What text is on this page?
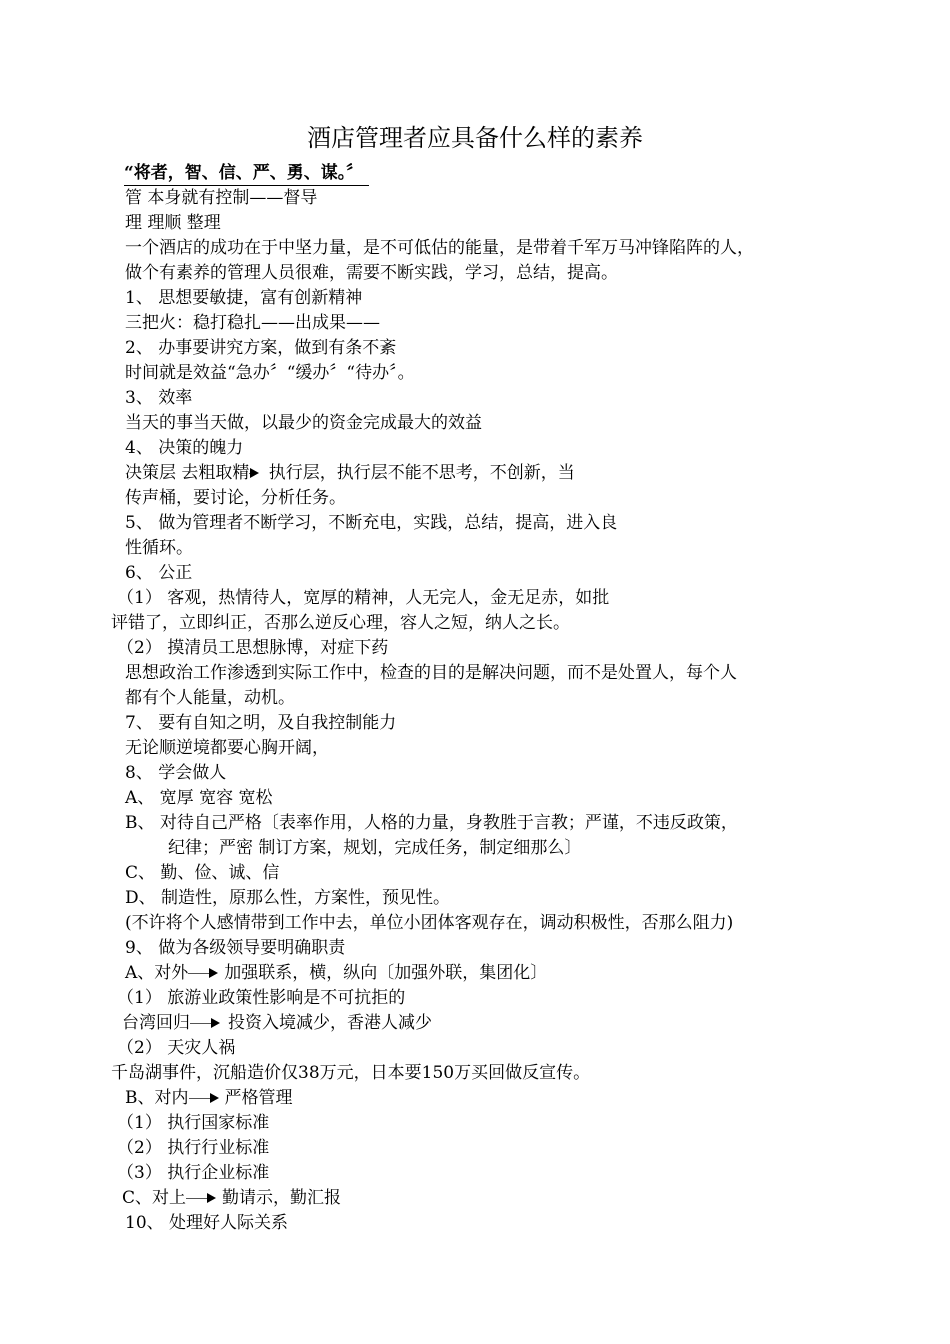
酒店管理者应具备什么样的素养
“将者，智、信、严、勇、谋。〞
管 本身就有控制——督导
理 理顺 整理
一个酒店的成功在于中坚力量，是不可低估的能量，是带着千军万马冲锋陷阵的人，
做个有素养的管理人员很难，需要不断实践，学习，总结，提高。
1、 思想要敏捷，富有创新精神
三把火：稳打稳扎——出成果——
2、 办事要讲究方案，做到有条不紊
时间就是效益“急办〞“缓办〞“待办〞。
3、 效率
当天的事当天做，以最少的资金完成最大的效益
4、 决策的魄力
决策层 去粗取精
执行层，执行层不能不思考，不创新，当
传声桶，要讨论，分析任务。
5、 做为管理者不断学习，不断充电，实践，总结，提高，进入良
性循环。
6、 公正
（1） 客观，热情待人，宽厚的精神，人无完人，金无足赤，如批
评错了，立即纠正，否那么逆反心理，容人之短，纳人之长。
（2） 摸清员工思想脉博，对症下药
思想政治工作渗透到实际工作中，检查的目的是解决问题，而不是处置人，每个人
都有个人能量，动机。
7、 要有自知之明，及自我控制能力
无论顺逆境都要心胸开阔，
8、 学会做人
A、 宽厚 宽容 宽松
B、 对待自己严格〔表率作用，人格的力量，身教胜于言教；严谨，不违反政策，
纪律；严密 制订方案，规划，完成任务，制定细那么〕
C、 勤、俭、诚、信
D、 制造性，原那么性，方案性，预见性。
(不许将个人感情带到工作中去，单位小团体客观存在，调动积极性，否那么阻力)
9、 做为各级领导要明确职责
A、对外 加强联系，横，纵向〔加强外联，集团化〕
（1） 旅游业政策性影响是不可抗拒的
台湾回归 投资入境减少，香港人减少
（2） 天灾人祸
千岛湖事件，沉船造价仅38万元，日本要150万买回做反宣传。
B、对内 严格管理
（1） 执行国家标准
（2） 执行行业标准
（3） 执行企业标准
C、对上 勤请示，勤汇报
10、 处理好人际关系
